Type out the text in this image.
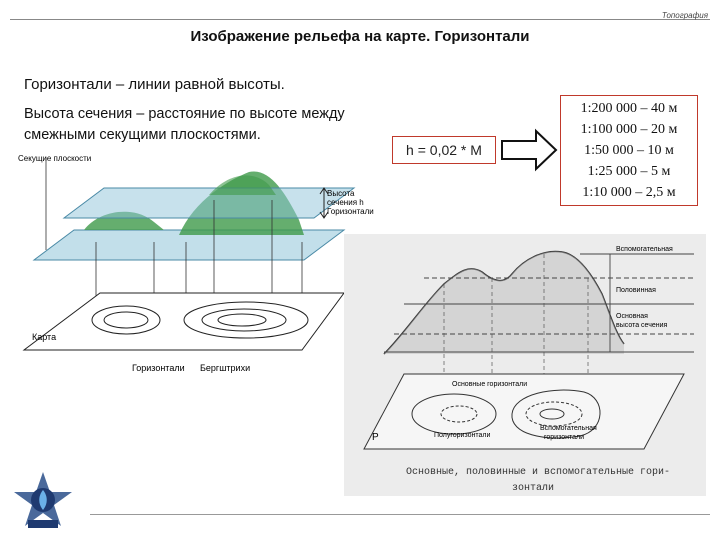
Топография
Изображение рельефа на карте. Горизонтали
Горизонтали – линии равной высоты.
Высота сечения – расстояние по высоте между смежными секущими плоскостями.
h = 0,02 * M
1:200 000 – 40 м
1:100 000 – 20 м
1:50 000 – 10 м
1:25 000 – 5 м
1:10 000 – 2,5 м
Секущие плоскости
Высота
сечения h
Горизонтали
Карта
Горизонтали Бергштрихи
Вспомогательная
Половинная
Основная
высота сечения
P
Основные горизонтали
Полугоризонтали
Вспомогательная
горизонтали
Основные, половинные и вспомогательные гори-
зонтали
